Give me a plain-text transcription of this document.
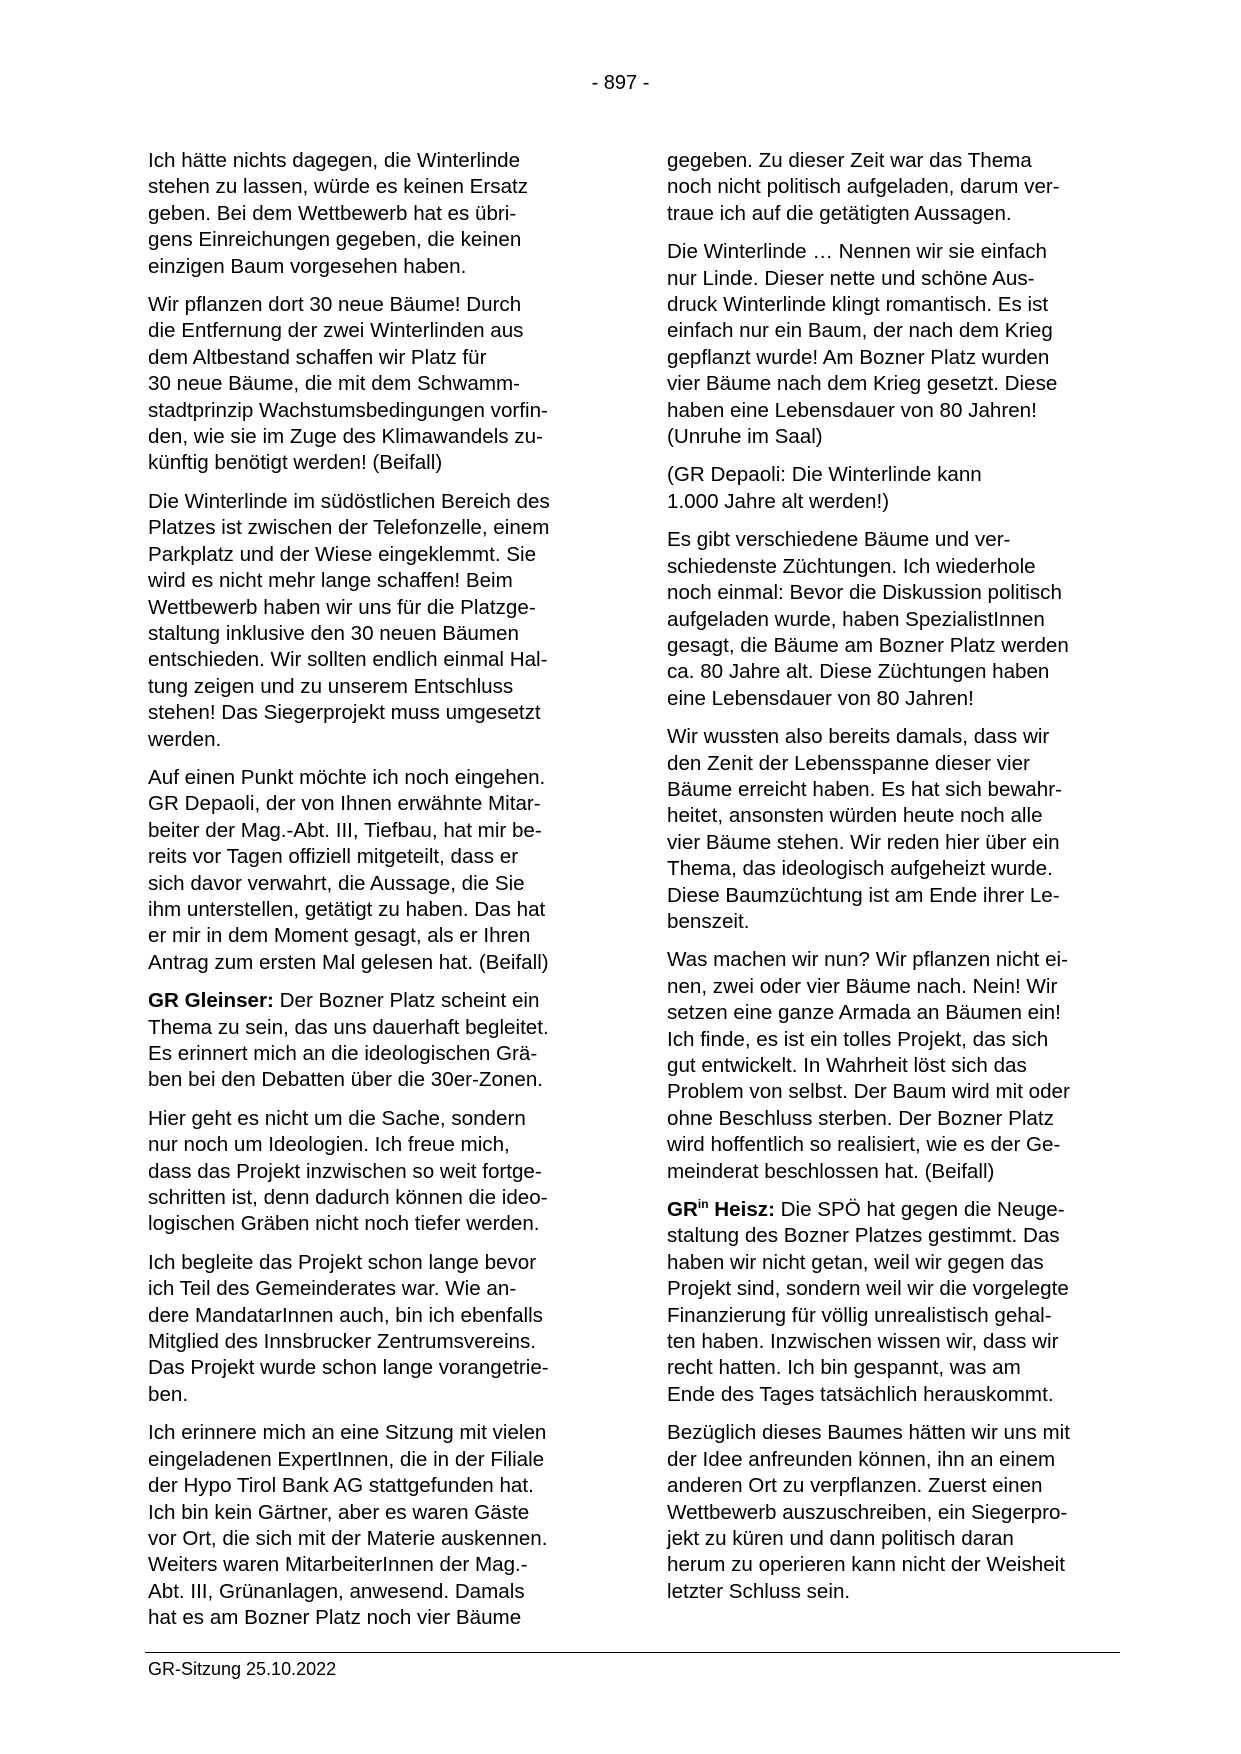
- 897 -

Ich hätte nichts dagegen, die Winterlinde
stehen zu lassen, würde es keinen Ersatz
geben. Bei dem Wettbewerb hat es übri-
gens Einreichungen gegeben, die keinen
einzigen Baum vorgesehen haben.

Wir pflanzen dort 30 neue Bäume! Durch
die Entfernung der zwei Winterlinden aus
dem Altbestand schaffen wir Platz für
30 neue Bäume, die mit dem Schwamm-
stadtprinzip Wachstumsbedingungen vorfin-
den, wie sie im Zuge des Klimawandels zu-
künftig benötigt werden! (Beifall)

Die Winterlinde im südöstlichen Bereich des
Platzes ist zwischen der Telefonzelle, einem
Parkplatz und der Wiese eingeklemmt. Sie
wird es nicht mehr lange schaffen! Beim
Wettbewerb haben wir uns für die Platzge-
staltung inklusive den 30 neuen Bäumen
entschieden. Wir sollten endlich einmal Hal-
tung zeigen und zu unserem Entschluss
stehen! Das Siegerprojekt muss umgesetzt
werden.

Auf einen Punkt möchte ich noch eingehen.
GR Depaoli, der von Ihnen erwähnte Mitar-
beiter der Mag.-Abt. III, Tiefbau, hat mir be-
reits vor Tagen offiziell mitgeteilt, dass er
sich davor verwahrt, die Aussage, die Sie
ihm unterstellen, getätigt zu haben. Das hat
er mir in dem Moment gesagt, als er Ihren
Antrag zum ersten Mal gelesen hat. (Beifall)

GR Gleinser: Der Bozner Platz scheint ein
Thema zu sein, das uns dauerhaft begleitet.
Es erinnert mich an die ideologischen Grä-
ben bei den Debatten über die 30er-Zonen.

Hier geht es nicht um die Sache, sondern
nur noch um Ideologien. Ich freue mich,
dass das Projekt inzwischen so weit fortge-
schritten ist, denn dadurch können die ideo-
logischen Gräben nicht noch tiefer werden.

Ich begleite das Projekt schon lange bevor
ich Teil des Gemeinderates war. Wie an-
dere MandatarInnen auch, bin ich ebenfalls
Mitglied des Innsbrucker Zentrumsvereins.
Das Projekt wurde schon lange vorangetrie-
ben.

Ich erinnere mich an eine Sitzung mit vielen
eingeladenen ExpertInnen, die in der Filiale
der Hypo Tirol Bank AG stattgefunden hat.
Ich bin kein Gärtner, aber es waren Gäste
vor Ort, die sich mit der Materie auskennen.
Weiters waren MitarbeiterInnen der Mag.-
Abt. III, Grünanlagen, anwesend. Damals
hat es am Bozner Platz noch vier Bäume

gegeben. Zu dieser Zeit war das Thema
noch nicht politisch aufgeladen, darum ver-
traue ich auf die getätigten Aussagen.

Die Winterlinde … Nennen wir sie einfach
nur Linde. Dieser nette und schöne Aus-
druck Winterlinde klingt romantisch. Es ist
einfach nur ein Baum, der nach dem Krieg
gepflanzt wurde! Am Bozner Platz wurden
vier Bäume nach dem Krieg gesetzt. Diese
haben eine Lebensdauer von 80 Jahren!
(Unruhe im Saal)

(GR Depaoli: Die Winterlinde kann
1.000 Jahre alt werden!)

Es gibt verschiedene Bäume und ver-
schiedenste Züchtungen. Ich wiederhole
noch einmal: Bevor die Diskussion politisch
aufgeladen wurde, haben SpezialistInnen
gesagt, die Bäume am Bozner Platz werden
ca. 80 Jahre alt. Diese Züchtungen haben
eine Lebensdauer von 80 Jahren!

Wir wussten also bereits damals, dass wir
den Zenit der Lebensspanne dieser vier
Bäume erreicht haben. Es hat sich bewahr-
heitet, ansonsten würden heute noch alle
vier Bäume stehen. Wir reden hier über ein
Thema, das ideologisch aufgeheizt wurde.
Diese Baumzüchtung ist am Ende ihrer Le-
benszeit.

Was machen wir nun? Wir pflanzen nicht ei-
nen, zwei oder vier Bäume nach. Nein! Wir
setzen eine ganze Armada an Bäumen ein!
Ich finde, es ist ein tolles Projekt, das sich
gut entwickelt. In Wahrheit löst sich das
Problem von selbst. Der Baum wird mit oder
ohne Beschluss sterben. Der Bozner Platz
wird hoffentlich so realisiert, wie es der Ge-
meinderat beschlossen hat. (Beifall)

$GR^{in}$ Heisz: Die SPÖ hat gegen die Neuge-
staltung des Bozner Platzes gestimmt. Das
haben wir nicht getan, weil wir gegen das
Projekt sind, sondern weil wir die vorgelegte
Finanzierung für völlig unrealistisch gehal-
ten haben. Inzwischen wissen wir, dass wir
recht hatten. Ich bin gespannt, was am
Ende des Tages tatsächlich herauskommt.

Bezüglich dieses Baumes hätten wir uns mit
der Idee anfreunden können, ihn an einem
anderen Ort zu verpflanzen. Zuerst einen
Wettbewerb auszuschreiben, ein Siegerpro-
jekt zu küren und dann politisch daran
herum zu operieren kann nicht der Weisheit
letzter Schluss sein.

GR-Sitzung 25.10.2022
